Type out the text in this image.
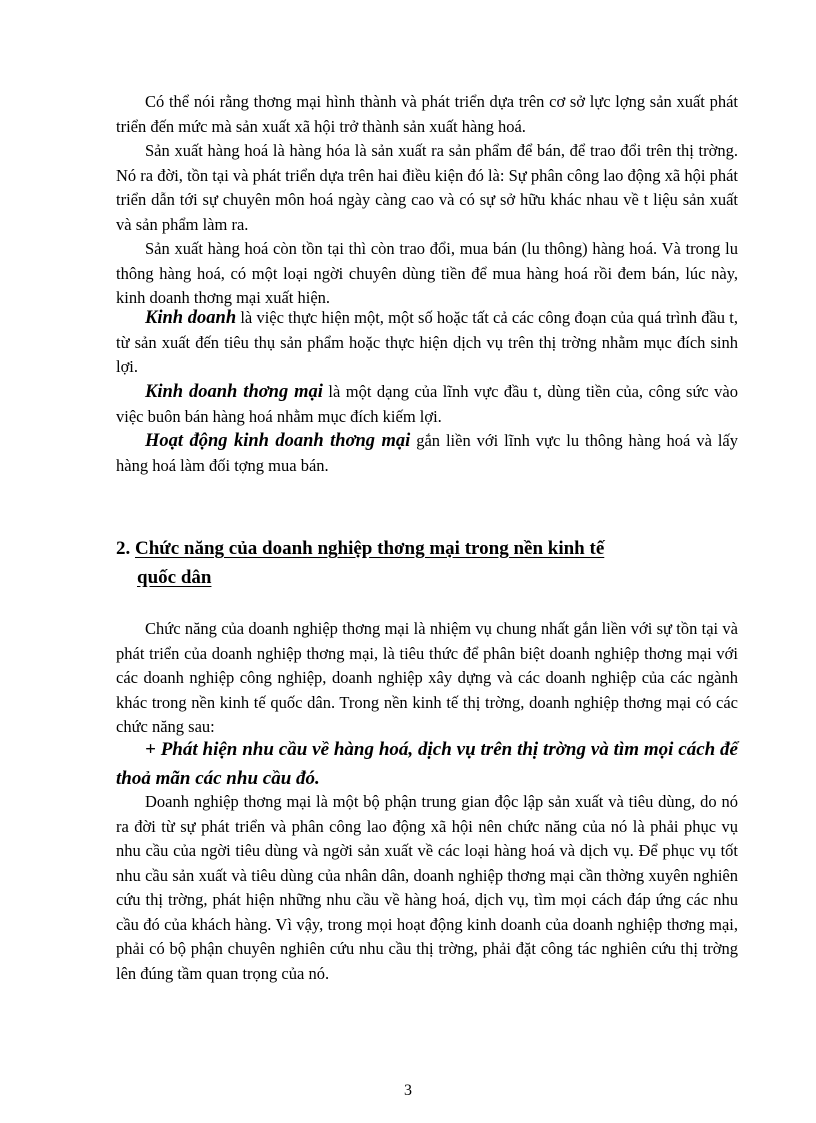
Có thể nói rằng thơng mại hình thành và phát triển dựa trên cơ sở lực lợng sản xuất phát triển đến mức mà sản xuất xã hội trở thành sản xuất hàng hoá.

Sản xuất hàng hoá là hàng hóa là sản xuất ra sản phẩm để bán, để trao đổi trên thị trờng. Nó ra đời, tồn tại và phát triển dựa trên hai điều kiện đó là: Sự phân công lao động xã hội phát triển dẫn tới sự chuyên môn hoá ngày càng cao và có sự sở hữu khác nhau về t liệu sản xuất và sản phẩm làm ra.

Sản xuất hàng hoá còn tồn tại thì còn trao đổi, mua bán (lu thông) hàng hoá. Và trong lu thông hàng hoá, có một loại ngời chuyên dùng tiền để mua hàng hoá rồi đem bán, lúc này, kinh doanh thơng mại xuất hiện.

Kinh doanh là việc thực hiện một, một số hoặc tất cả các công đoạn của quá trình đầu t, từ sản xuất đến tiêu thụ sản phẩm hoặc thực hiện dịch vụ trên thị trờng nhằm mục đích sinh lợi.

Kinh doanh thơng mại là một dạng của lĩnh vực đầu t, dùng tiền của, công sức vào việc buôn bán hàng hoá nhằm mục đích kiếm lợi.

Hoạt động kinh doanh thơng mại gắn liền với lĩnh vực lu thông hàng hoá và lấy hàng hoá làm đối tợng mua bán.

2. Chức năng của doanh nghiệp thơng mại trong nền kinh tế
quốc dân

Chức năng của doanh nghiệp thơng mại là nhiệm vụ chung nhất gắn liền với sự tồn tại và phát triển của doanh nghiệp thơng mại, là tiêu thức để phân biệt doanh nghiệp thơng mại với các doanh nghiệp công nghiệp, doanh nghiệp xây dựng và các doanh nghiệp của các ngành khác trong nền kinh tế quốc dân. Trong nền kinh tế thị trờng, doanh nghiệp thơng mại có các chức năng sau:

+ Phát hiện nhu cầu về hàng hoá, dịch vụ trên thị trờng và tìm mọi cách để thoả mãn các nhu cầu đó.

Doanh nghiệp thơng mại là một bộ phận trung gian độc lập sản xuất và tiêu dùng, do nó ra đời từ sự phát triển và phân công lao động xã hội nên chức năng của nó là phải phục vụ nhu cầu của ngời tiêu dùng và ngời sản xuất về các loại hàng hoá và dịch vụ. Để phục vụ tốt nhu cầu sản xuất và tiêu dùng của nhân dân, doanh nghiệp thơng mại cần thờng xuyên nghiên cứu thị trờng, phát hiện những nhu cầu về hàng hoá, dịch vụ, tìm mọi cách đáp ứng các nhu cầu đó của khách hàng. Vì vậy, trong mọi hoạt động kinh doanh của doanh nghiệp thơng mại, phải có bộ phận chuyên nghiên cứu nhu cầu thị trờng, phải đặt công tác nghiên cứu thị trờng lên đúng tầm quan trọng của nó.

3
